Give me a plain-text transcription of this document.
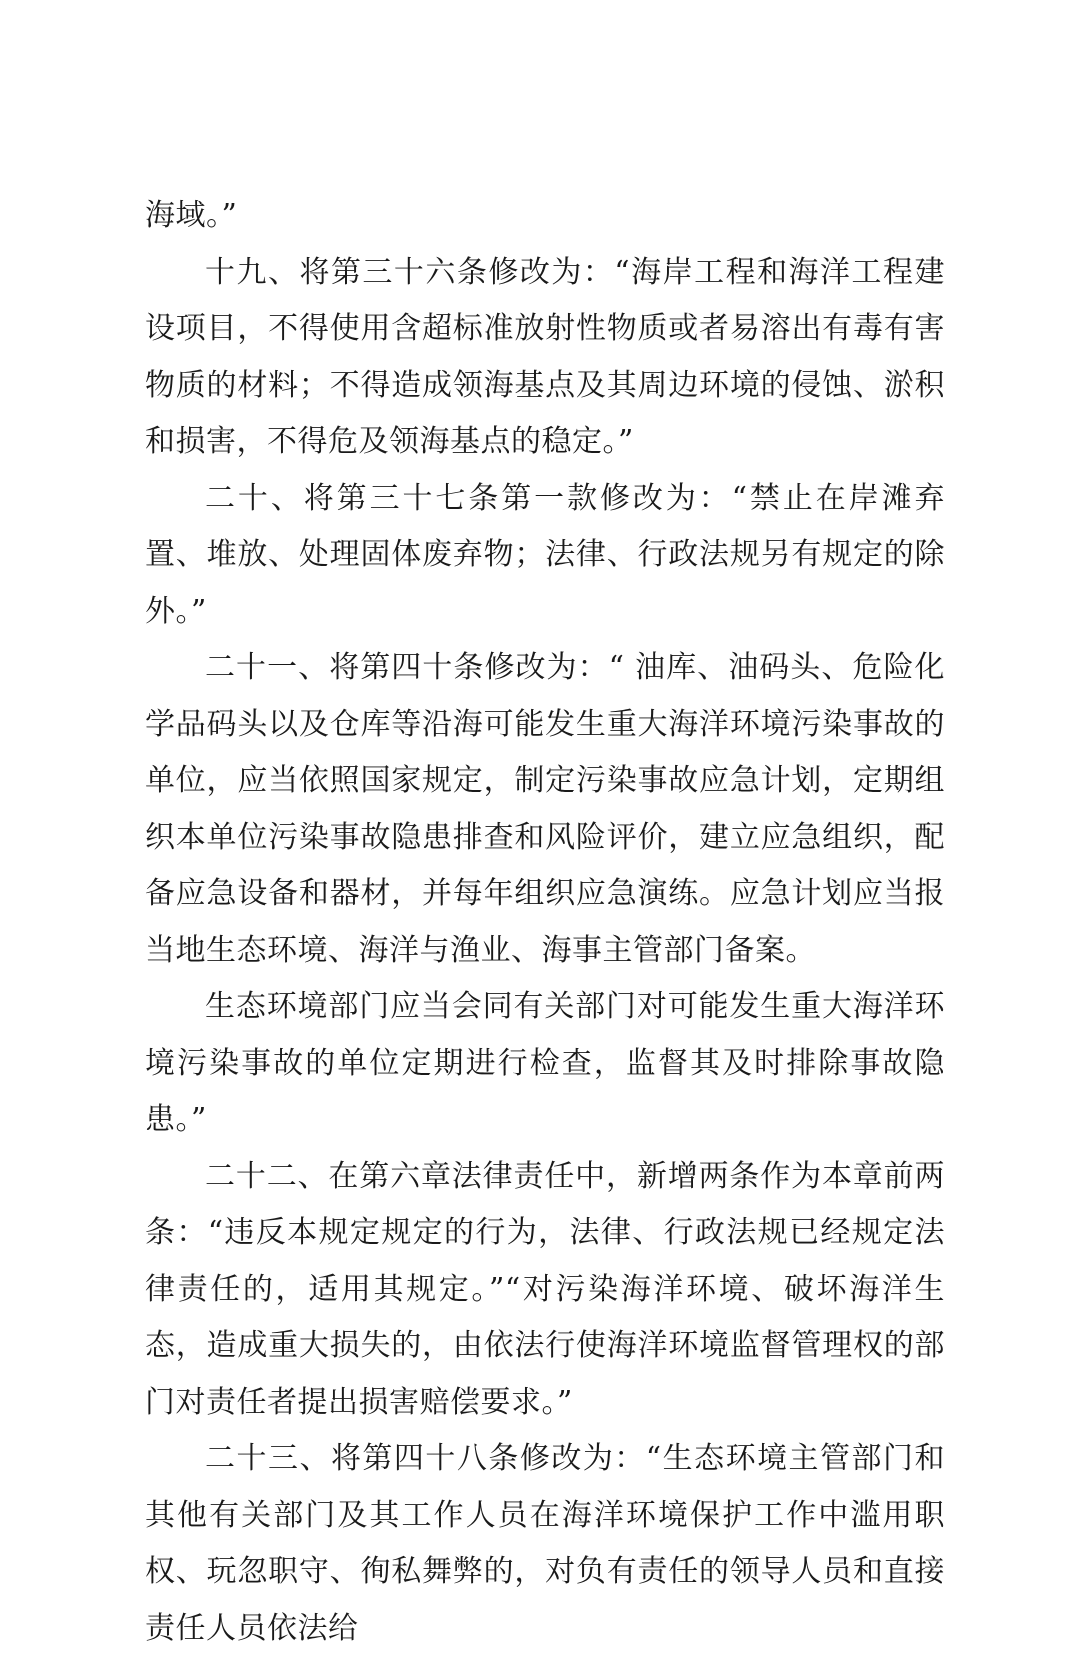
海域。”

十九、将第三十六条修改为：“海岸工程和海洋工程建设项目，不得使用含超标准放射性物质或者易溶出有毒有害物质的材料；不得造成领海基点及其周边环境的侵蚀、淤积和损害，不得危及领海基点的稳定。”

二十、将第三十七条第一款修改为：“禁止在岸滩弃置、堆放、处理固体废弃物；法律、行政法规另有规定的除外。”

二十一、将第四十条修改为：“ 油库、油码头、危险化学品码头以及仓库等沿海可能发生重大海洋环境污染事故的单位，应当依照国家规定，制定污染事故应急计划，定期组织本单位污染事故隐患排查和风险评价，建立应急组织，配备应急设备和器材，并每年组织应急演练。应急计划应当报当地生态环境、海洋与渔业、海事主管部门备案。

生态环境部门应当会同有关部门对可能发生重大海洋环境污染事故的单位定期进行检查，监督其及时排除事故隐患。”

二十二、在第六章法律责任中，新增两条作为本章前两条：“违反本规定规定的行为，法律、行政法规已经规定法律责任的，适用其规定。”“对污染海洋环境、破坏海洋生态，造成重大损失的，由依法行使海洋环境监督管理权的部门对责任者提出损害赔偿要求。”

二十三、将第四十八条修改为：“生态环境主管部门和其他有关部门及其工作人员在海洋环境保护工作中滥用职权、玩忽职守、徇私舞弊的，对负有责任的领导人员和直接责任人员依法给
